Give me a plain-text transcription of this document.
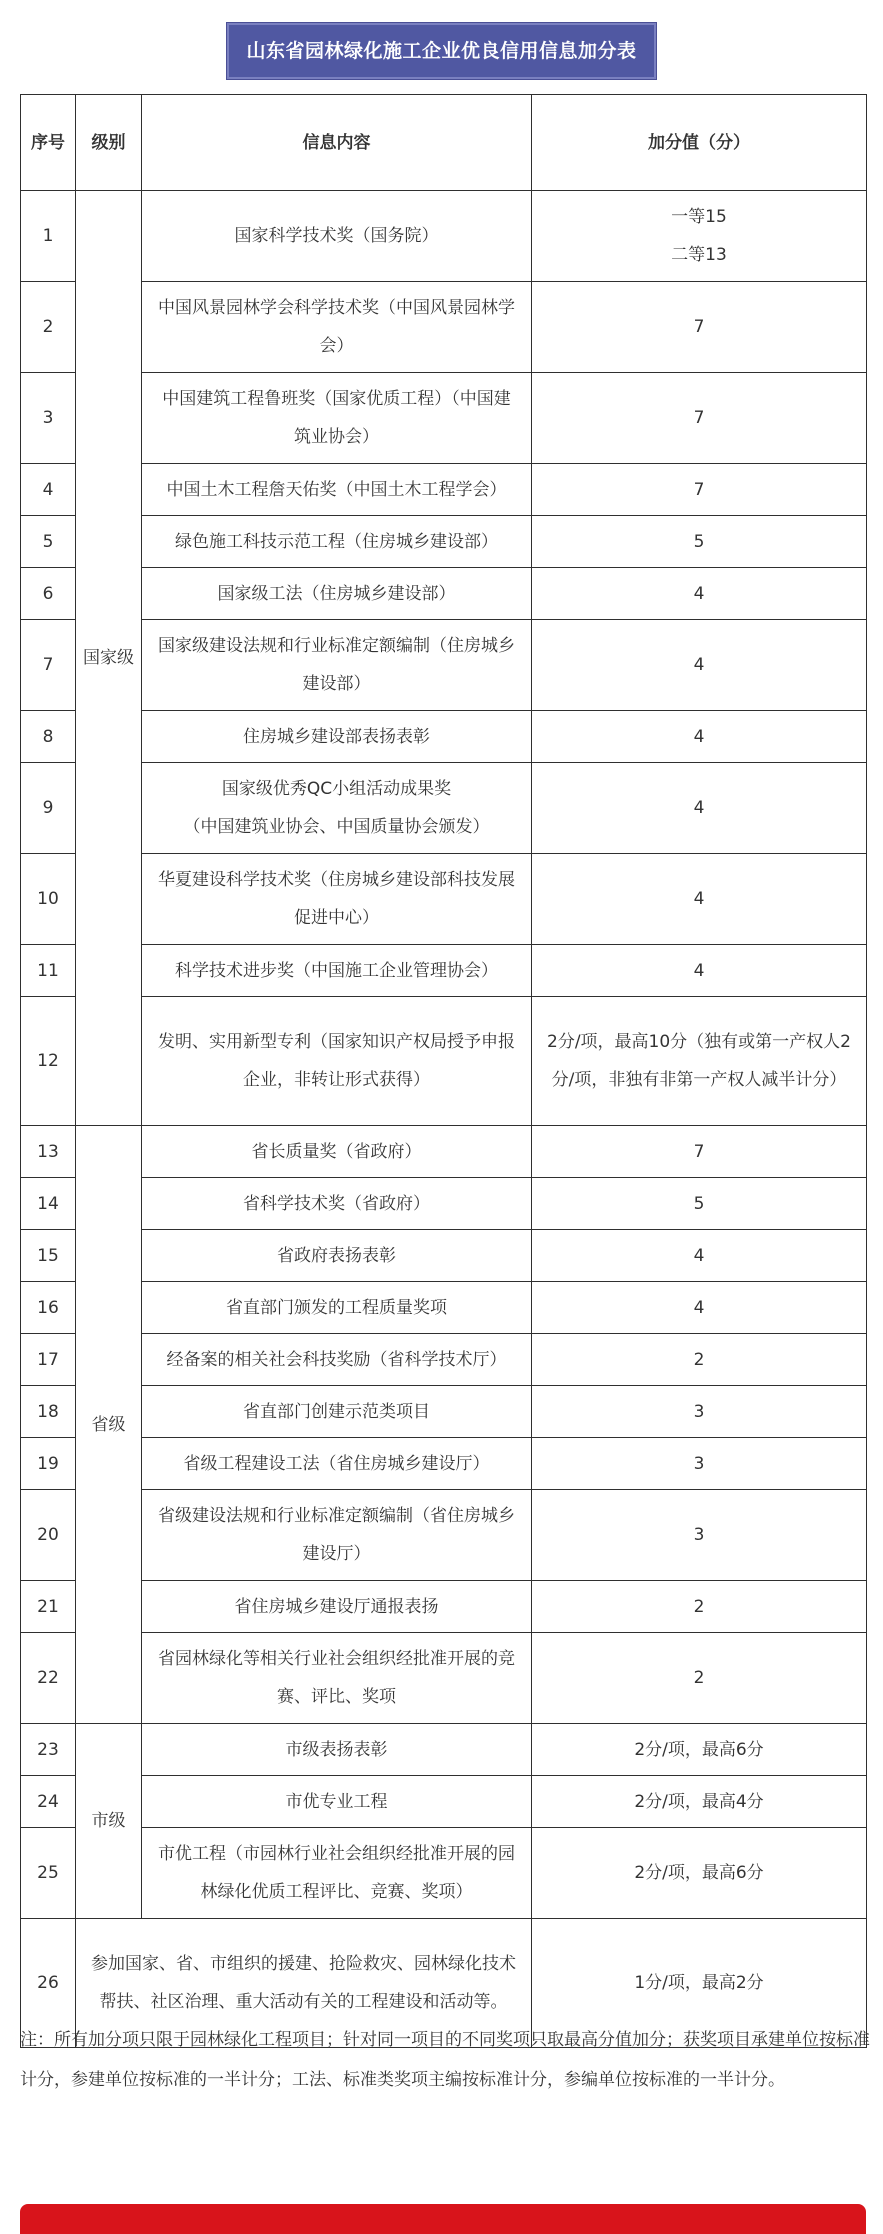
山东省园林绿化施工企业优良信用信息加分表
序号	级别	信息内容	加分值（分）
1	国家级	国家科学技术奖（国务院）	一等15
二等13
2		中国风景园林学会科学技术奖（中国风景园林学会）	7
3		中国建筑工程鲁班奖（国家优质工程）（中国建筑业协会）	7
4		中国土木工程詹天佑奖（中国土木工程学会）	7
5		绿色施工科技示范工程（住房城乡建设部）	5
6		国家级工法（住房城乡建设部）	4
7		国家级建设法规和行业标准定额编制（住房城乡建设部）	4
8		住房城乡建设部表扬表彰	4
9		国家级优秀QC小组活动成果奖
（中国建筑业协会、中国质量协会颁发）	4
10		华夏建设科学技术奖（住房城乡建设部科技发展促进中心）	4
11		科学技术进步奖（中国施工企业管理协会）	4
12		发明、实用新型专利（国家知识产权局授予申报企业，非转让形式获得）	2分/项，最高10分（独有或第一产权人2分/项，非独有非第一产权人减半计分）
13	省级	省长质量奖（省政府）	7
14		省科学技术奖（省政府）	5
15		省政府表扬表彰	4
16		省直部门颁发的工程质量奖项	4
17		经备案的相关社会科技奖励（省科学技术厅）	2
18		省直部门创建示范类项目	3
19		省级工程建设工法（省住房城乡建设厅）	3
20		省级建设法规和行业标准定额编制（省住房城乡建设厅）	3
21		省住房城乡建设厅通报表扬	2
22		省园林绿化等相关行业社会组织经批准开展的竞赛、评比、奖项	2
23	市级	市级表扬表彰	2分/项，最高6分
24		市优专业工程	2分/项，最高4分
25		市优工程（市园林行业社会组织经批准开展的园林绿化优质工程评比、竞赛、奖项）	2分/项，最高6分
26	参加国家、省、市组织的援建、抢险救灾、园林绿化技术帮扶、社区治理、重大活动有关的工程建设和活动等。		1分/项，最高2分
注：所有加分项只限于园林绿化工程项目；针对同一项目的不同奖项只取最高分值加分；获奖项目承建单位按标准计分，参建单位按标准的一半计分；工法、标准类奖项主编按标准计分，参编单位按标准的一半计分。
